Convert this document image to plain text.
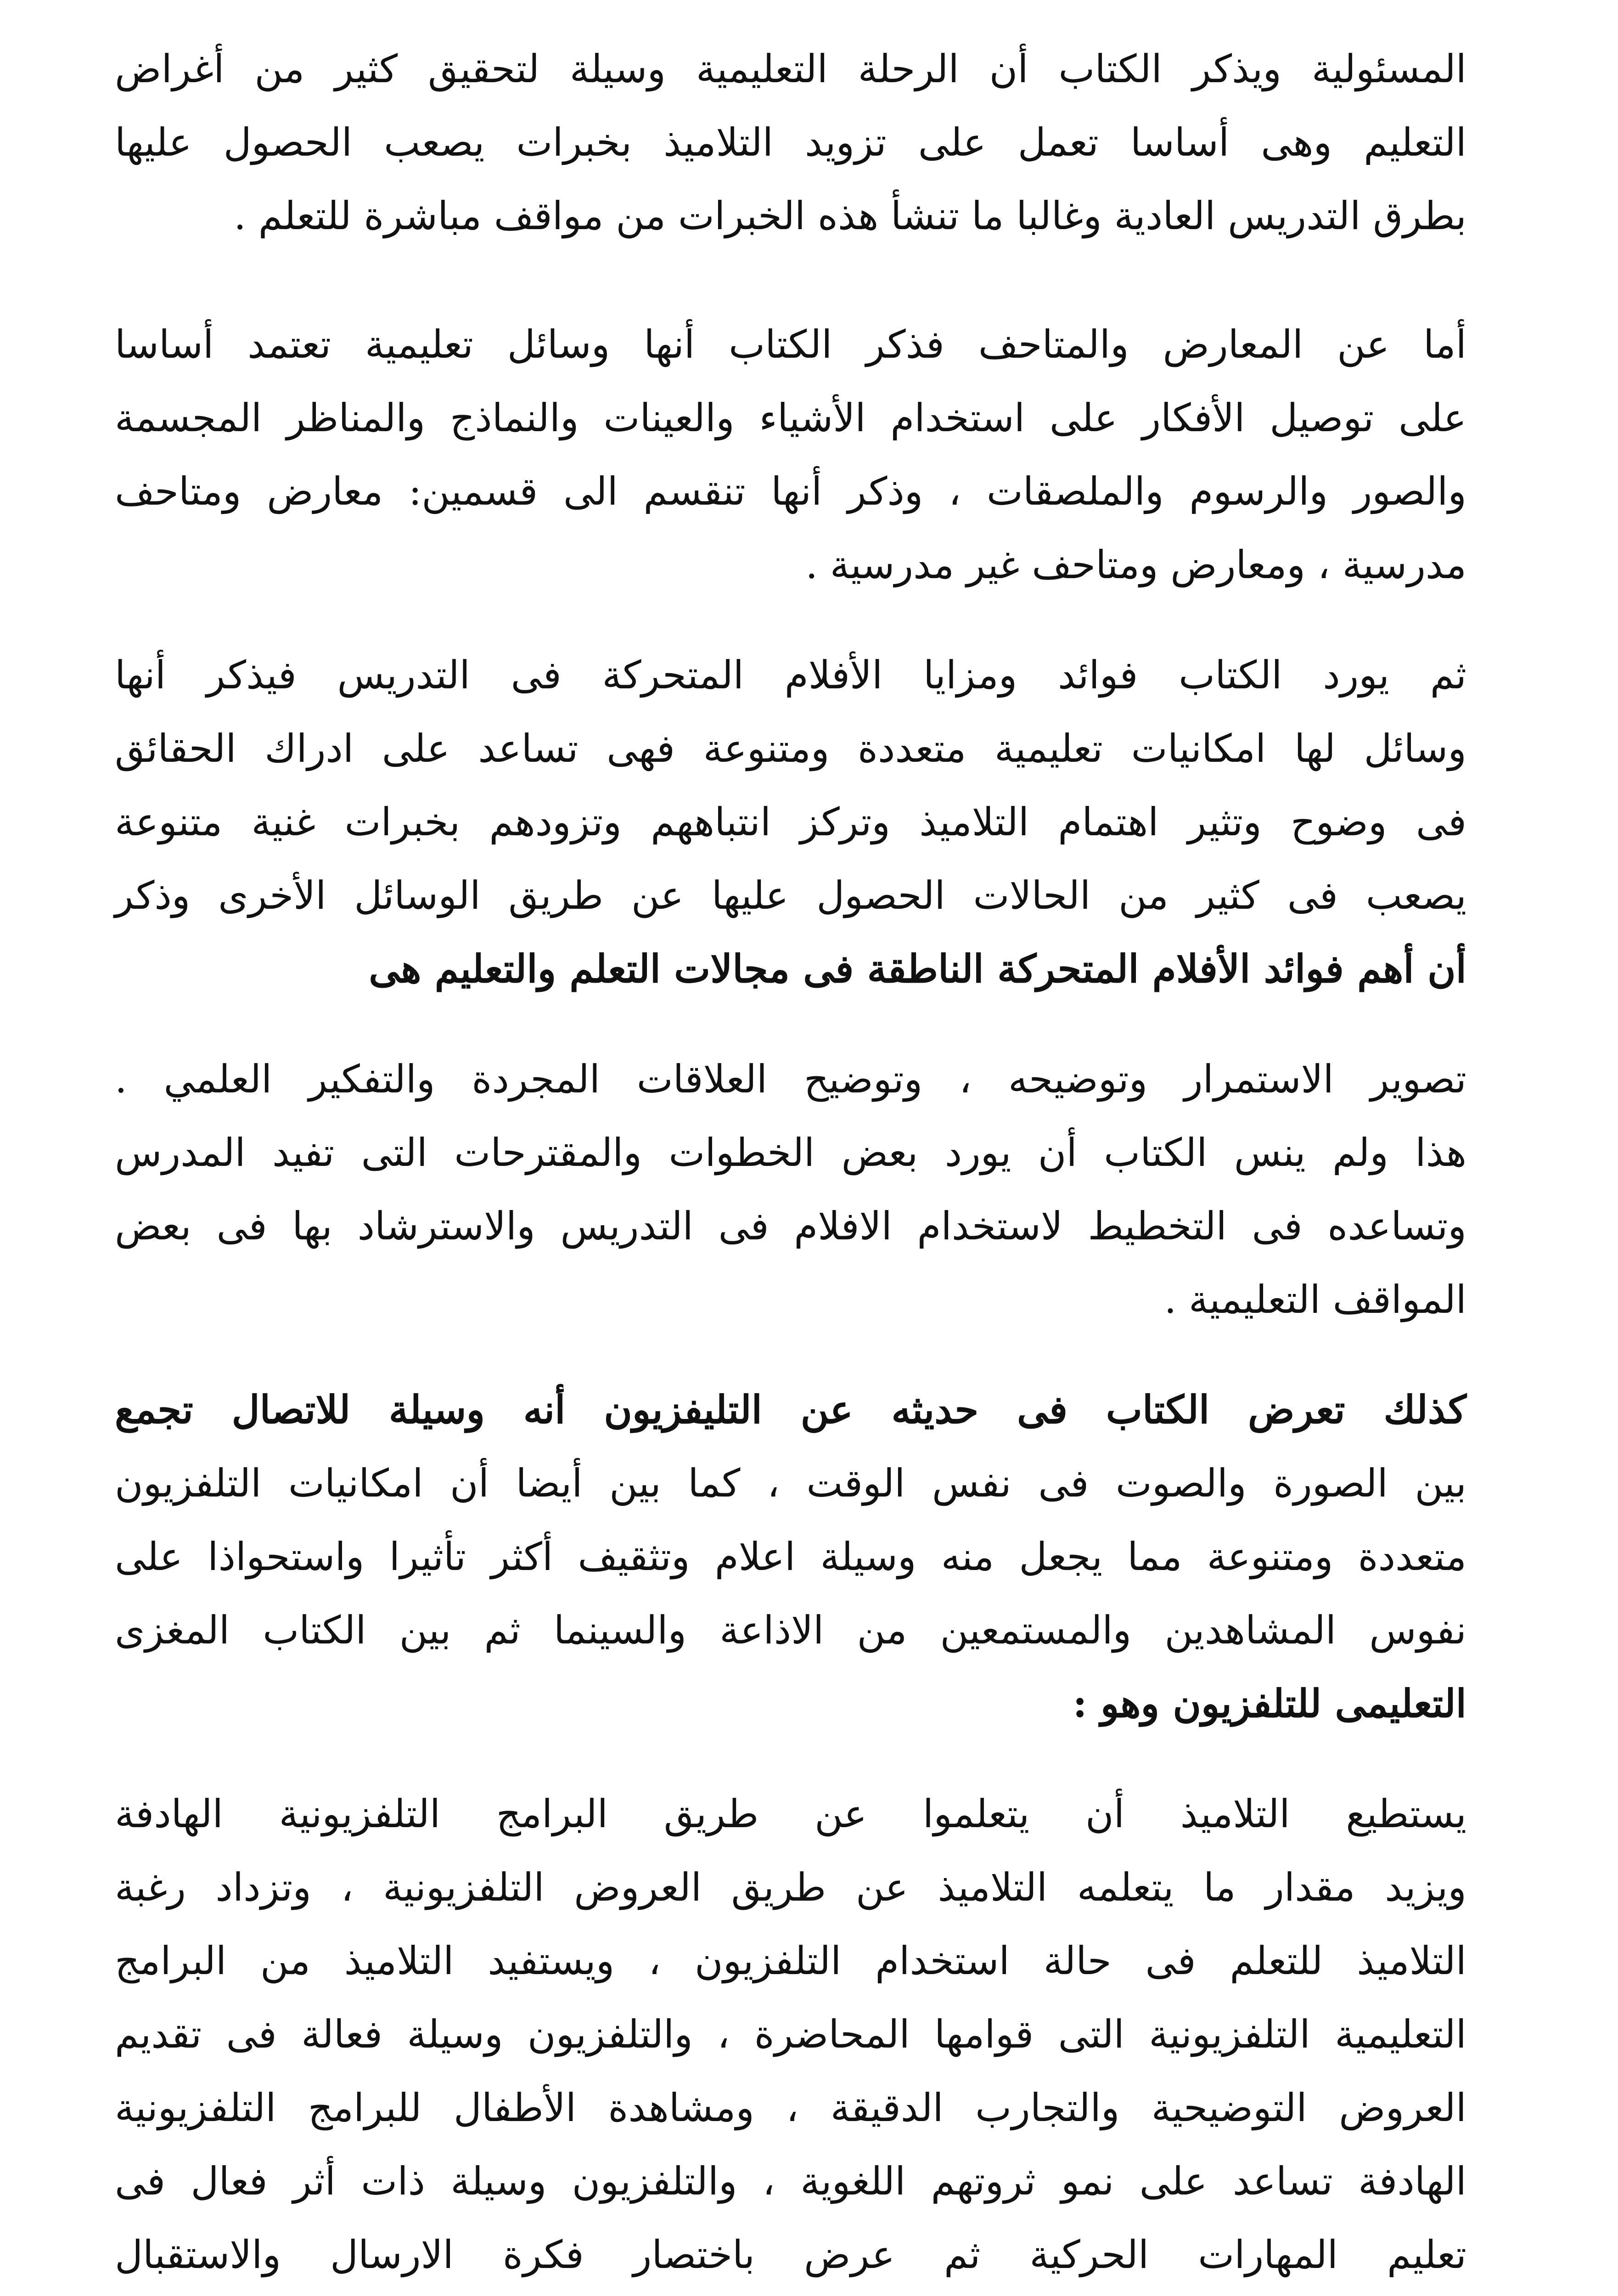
المسئولية ويذكر الكتاب أن الرحلة التعليمية وسيلة لتحقيق كثير من أغراض
التعليم وهى أساسا تعمل على تزويد التلاميذ بخبرات يصعب الحصول عليها
بطرق التدريس العادية وغالبا ما تنشأ هذه الخبرات من مواقف مباشرة للتعلم .

أما عن المعارض والمتاحف فذكر الكتاب أنها وسائل تعليمية تعتمد أساسا
على توصيل الأفكار على استخدام الأشياء والعينات والنماذج والمناظر المجسمة
والصور والرسوم والملصقات ، وذكر أنها تنقسم الى قسمين: معارض ومتاحف
مدرسية ، ومعارض ومتاحف غير مدرسية .

ثم يورد الكتاب فوائد ومزايا الأفلام المتحركة فى التدريس فيذكر أنها
وسائل لها امكانيات تعليمية متعددة ومتنوعة فهى تساعد على ادراك الحقائق
فى وضوح وتثير اهتمام التلاميذ وتركز انتباههم وتزودهم بخبرات غنية متنوعة
يصعب فى كثير من الحالات الحصول عليها عن طريق الوسائل الأخرى وذكر
أن أهم فوائد الأفلام المتحركة الناطقة فى مجالات التعلم والتعليم هى

تصوير الاستمرار وتوضيحه ، وتوضيح العلاقات المجردة والتفكير العلمي .
هذا ولم ينس الكتاب أن يورد بعض الخطوات والمقترحات التى تفيد المدرس
وتساعده فى التخطيط لاستخدام الافلام فى التدريس والاسترشاد بها فى بعض
المواقف التعليمية .

كذلك تعرض الكتاب فى حديثه عن التليفزيون أنه وسيلة للاتصال تجمع
بين الصورة والصوت فى نفس الوقت ، كما بين أيضا أن امكانيات التلفزيون
متعددة ومتنوعة مما يجعل منه وسيلة اعلام وتثقيف أكثر تأثيرا واستحواذا على
نفوس المشاهدين والمستمعين من الاذاعة والسينما ثم بين الكتاب المغزى
التعليمى للتلفزيون وهو :

يستطيع التلاميذ أن يتعلموا عن طريق البرامج التلفزيونية الهادفة
ويزيد مقدار ما يتعلمه التلاميذ عن طريق العروض التلفزيونية ، وتزداد رغبة
التلاميذ للتعلم فى حالة استخدام التلفزيون ، ويستفيد التلاميذ من البرامج
التعليمية التلفزيونية التى قوامها المحاضرة ، والتلفزيون وسيلة فعالة فى تقديم
العروض التوضيحية والتجارب الدقيقة ، ومشاهدة الأطفال للبرامج التلفزيونية
الهادفة تساعد على نمو ثروتهم اللغوية ، والتلفزيون وسيلة ذات أثر فعال فى
تعليم المهارات الحركية ثم عرض باختصار فكرة الارسال والاستقبال
